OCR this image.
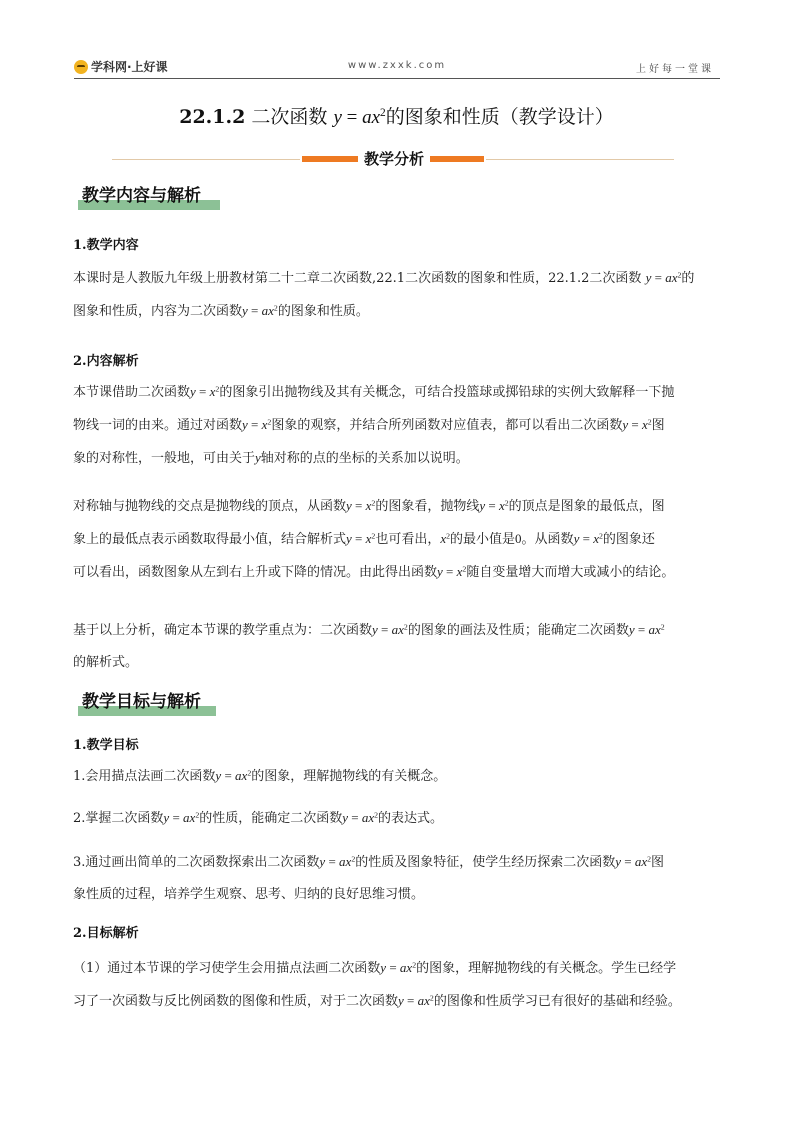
学科网·上好课	www.zxxk.com	上好每一堂课
22.1.2 二次函数 $y = ax^2$的图象和性质（教学设计）
教学分析
教学内容与解析
1.教学内容
本课时是人教版九年级上册教材第二十二章二次函数,22.1二次函数的图象和性质，22.1.2二次函数 $y = ax^2$的
图象和性质，内容为二次函数$y = ax^2$的图象和性质。
2.内容解析
本节课借助二次函数$y = x^2$的图象引出抛物线及其有关概念，可结合投篮球或掷铅球的实例大致解释一下抛
物线一词的由来。通过对函数$y = x^2$图象的观察，并结合所列函数对应值表，都可以看出二次函数$y = x^2$图
象的对称性，一般地，可由关于y轴对称的点的坐标的关系加以说明。
对称轴与抛物线的交点是抛物线的顶点，从函数$y = x^2$的图象看，抛物线$y = x^2$的顶点是图象的最低点，图
象上的最低点表示函数取得最小值，结合解析式$y = x^2$也可看出，$x^2$的最小值是0。从函数$y = x^2$的图象还
可以看出，函数图象从左到右上升或下降的情况。由此得出函数$y = x^2$随自变量增大而增大或减小的结论。
基于以上分析，确定本节课的教学重点为：二次函数$y = ax^2$的图象的画法及性质；能确定二次函数$y = ax^2$
的解析式。
教学目标与解析
1.教学目标
1.会用描点法画二次函数$y = ax^2$的图象，理解抛物线的有关概念。
2.掌握二次函数$y = ax^2$的性质，能确定二次函数$y = ax^2$的表达式。
3.通过画出简单的二次函数探索出二次函数$y = ax^2$的性质及图象特征，使学生经历探索二次函数$y = ax^2$图
象性质的过程，培养学生观察、思考、归纳的良好思维习惯。
2.目标解析
（1）通过本节课的学习使学生会用描点法画二次函数$y = ax^2$的图象，理解抛物线的有关概念。学生已经学
习了一次函数与反比例函数的图像和性质，对于二次函数$y = ax^2$的图像和性质学习已有很好的基础和经验。
